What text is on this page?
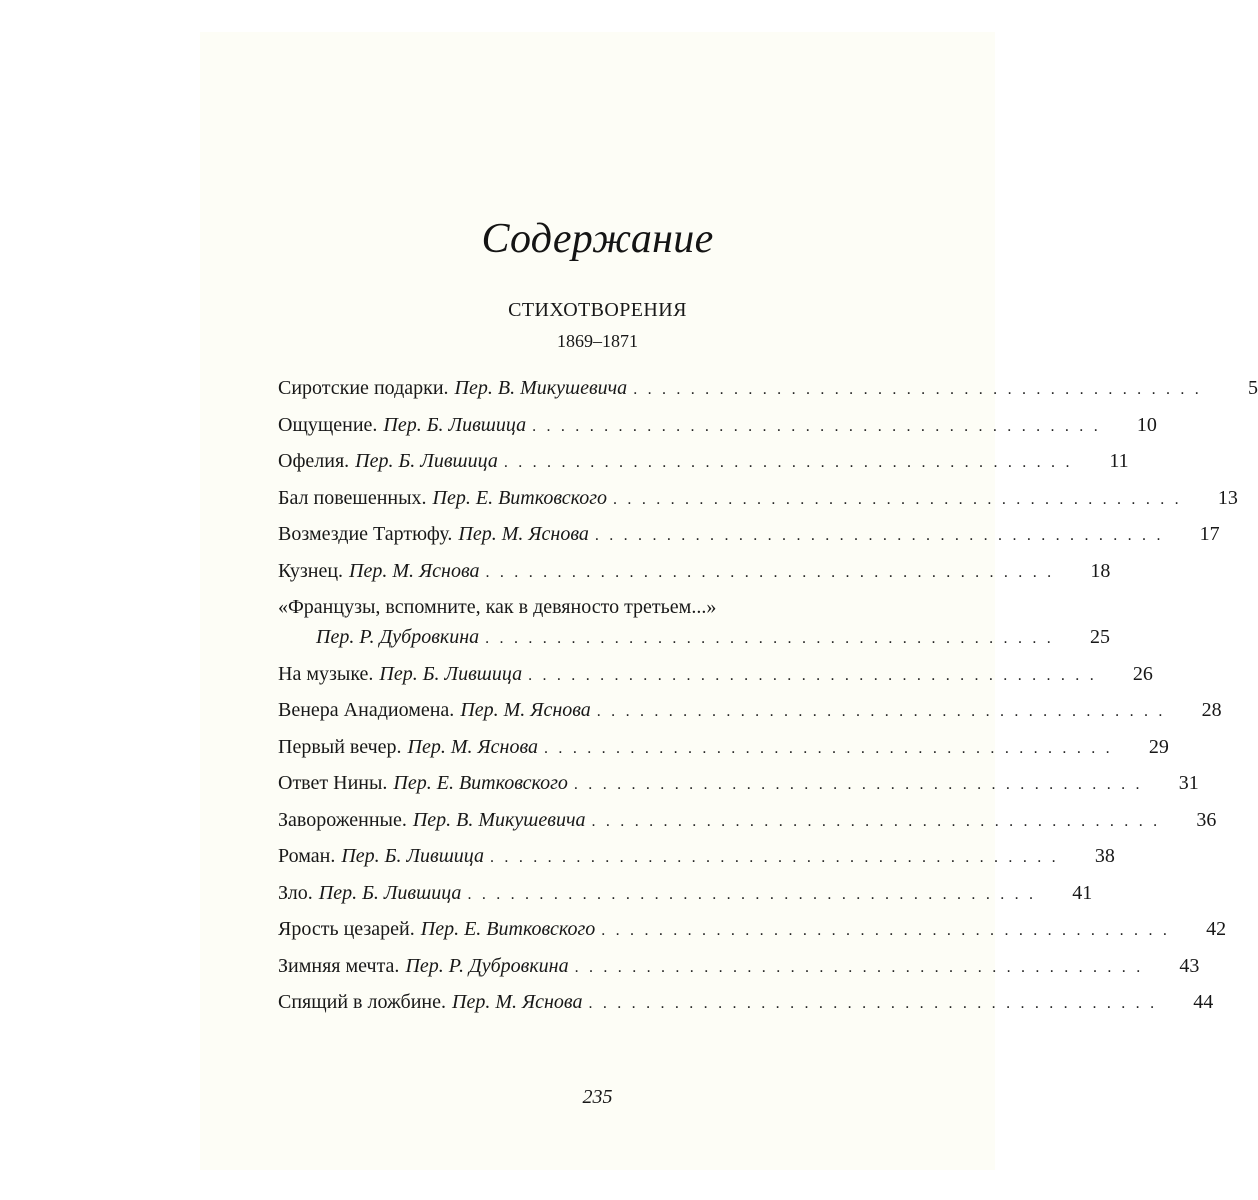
Содержание
СТИХОТВОРЕНИЯ
1869–1871
Сиротские подарки. Пер. В. Микушевича . . . . . . . . . . . . . . . . . . . . . . . . . . . . . . . . . . . . . . . .	5
Ощущение. Пер. Б. Лившица . . . . . . . . . . . . . . . . . . . . . . . . . . . . . . . . . . . . . . . .	10
Офелия. Пер. Б. Лившица . . . . . . . . . . . . . . . . . . . . . . . . . . . . . . . . . . . . . . . .	11
Бал повешенных. Пер. Е. Витковского . . . . . . . . . . . . . . . . . . . . . . . . . . . . . . . . . . . . . . . .	13
Возмездие Тартюфу. Пер. М. Яснова . . . . . . . . . . . . . . . . . . . . . . . . . . . . . . . . . . . . . . . .	17
Кузнец. Пер. М. Яснова . . . . . . . . . . . . . . . . . . . . . . . . . . . . . . . . . . . . . . . .	18
«Французы, вспомните, как в девяносто третьем...»
Пер. Р. Дубровкина . . . . . . . . . . . . . . . . . . . . . . . . . . . . . . . . . . . . . . . .	25
На музыке. Пер. Б. Лившица . . . . . . . . . . . . . . . . . . . . . . . . . . . . . . . . . . . . . . . .	26
Венера Анадиомена. Пер. М. Яснова . . . . . . . . . . . . . . . . . . . . . . . . . . . . . . . . . . . . . . . .	28
Первый вечер. Пер. М. Яснова . . . . . . . . . . . . . . . . . . . . . . . . . . . . . . . . . . . . . . . .	29
Ответ Нины. Пер. Е. Витковского . . . . . . . . . . . . . . . . . . . . . . . . . . . . . . . . . . . . . . . .	31
Завороженные. Пер. В. Микушевича . . . . . . . . . . . . . . . . . . . . . . . . . . . . . . . . . . . . . . . .	36
Роман. Пер. Б. Лившица . . . . . . . . . . . . . . . . . . . . . . . . . . . . . . . . . . . . . . . .	38
Зло. Пер. Б. Лившица . . . . . . . . . . . . . . . . . . . . . . . . . . . . . . . . . . . . . . . .	41
Ярость цезарей. Пер. Е. Витковского . . . . . . . . . . . . . . . . . . . . . . . . . . . . . . . . . . . . . . . .	42
Зимняя мечта. Пер. Р. Дубровкина . . . . . . . . . . . . . . . . . . . . . . . . . . . . . . . . . . . . . . . .	43
Спящий в ложбине. Пер. М. Яснова . . . . . . . . . . . . . . . . . . . . . . . . . . . . . . . . . . . . . . . .	44
235
